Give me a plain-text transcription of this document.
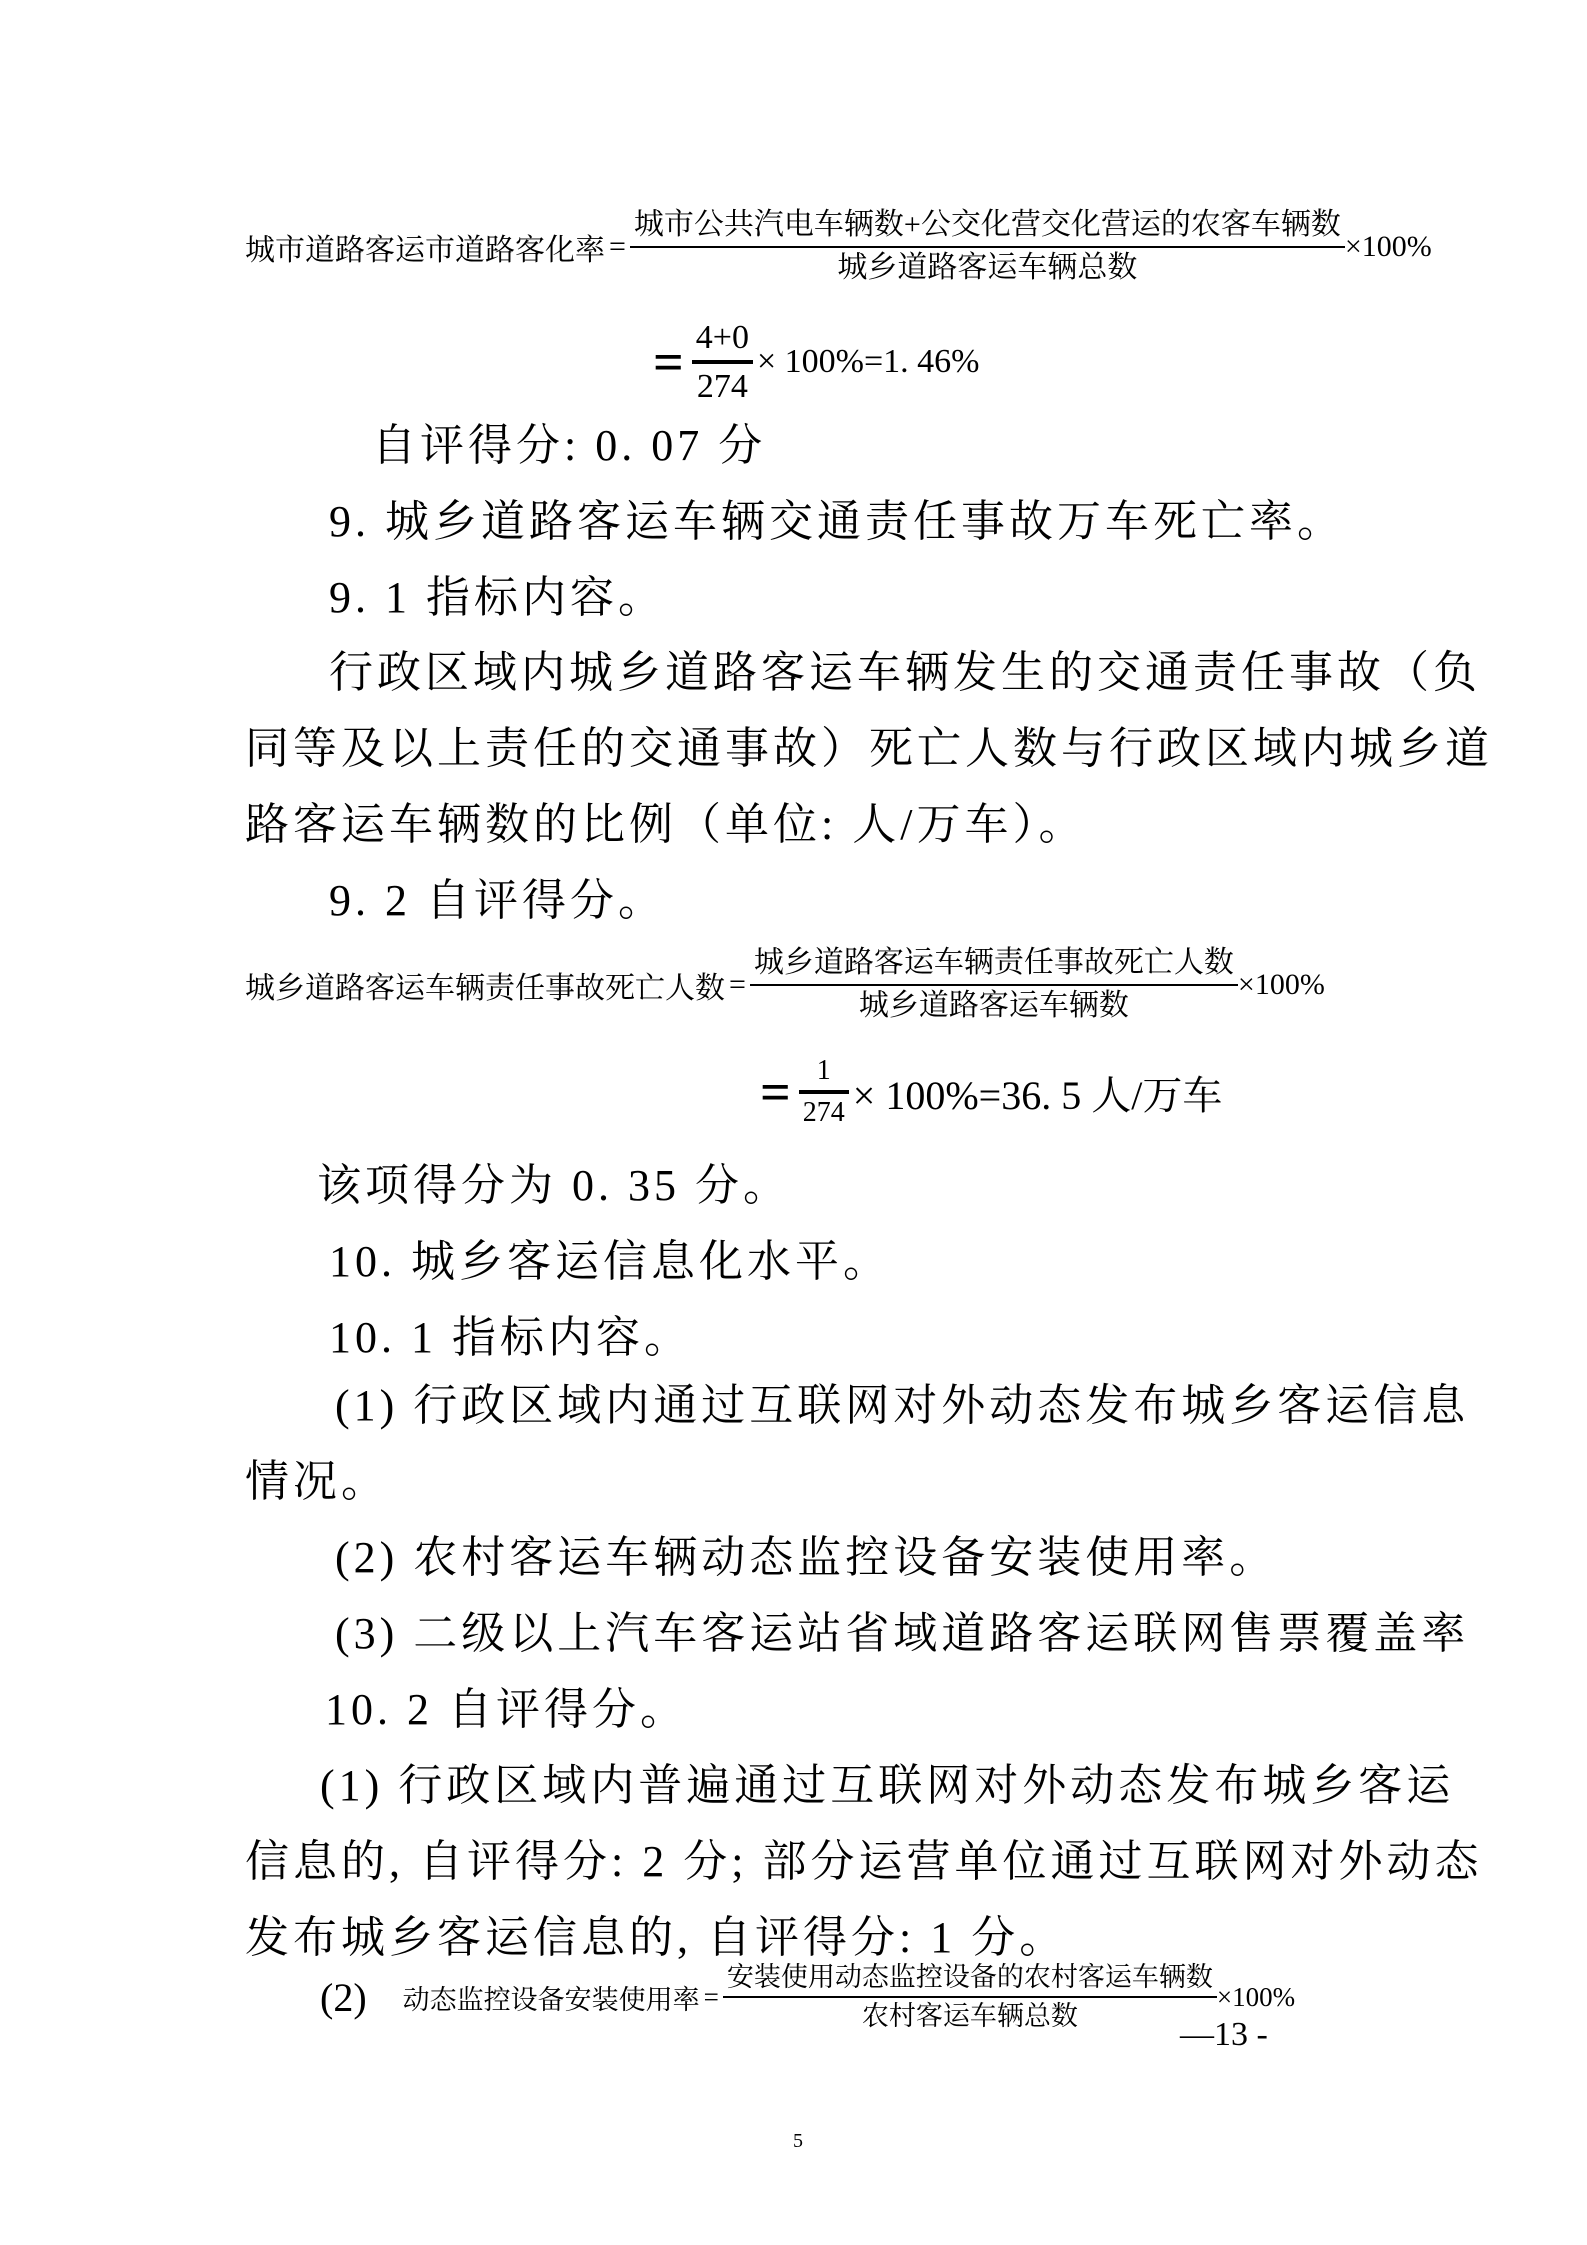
城市道路客运市道路客化率 = $\frac{\text{城市公共汽电车辆数+公交化营交化营运的农客车辆数}}{\text{城乡道路客运车辆总数}} \times 100\%$
= $\frac{4+0}{274} \times 100\%=1$. 46%
自评得分: 0. 07 分
9. 城乡道路客运车辆交通责任事故万车死亡率。
9. 1 指标内容。
行政区域内城乡道路客运车辆发生的交通责任事故（负
同等及以上责任的交通事故）死亡人数与行政区域内城乡道
路客运车辆数的比例（单位: 人/万车）。
9. 2 自评得分。
城乡道路客运车辆责任事故死亡人数 = $\frac{\text{城乡道路客运车辆责任事故死亡人数}}{\text{城乡道路客运车辆数}} \times 100\%$
= $\frac{1}{274} \times 100\%=36$. 5 人/万车
该项得分为 0. 35 分。
10. 城乡客运信息化水平。
10. 1 指标内容。
(1) 行政区域内通过互联网对外动态发布城乡客运信息
情况。
(2) 农村客运车辆动态监控设备安装使用率。
(3) 二级以上汽车客运站省域道路客运联网售票覆盖率
10. 2 自评得分。
(1) 行政区域内普遍通过互联网对外动态发布城乡客运
信息的, 自评得分: 2 分; 部分运营单位通过互联网对外动态
发布城乡客运信息的, 自评得分: 1 分。
(2)	动态监控设备安装使用率 = $\frac{\text{安装使用动态监控设备的农村客运车辆数}}{\text{农村客运车辆总数}} \times 100\%$
—13 -
5
